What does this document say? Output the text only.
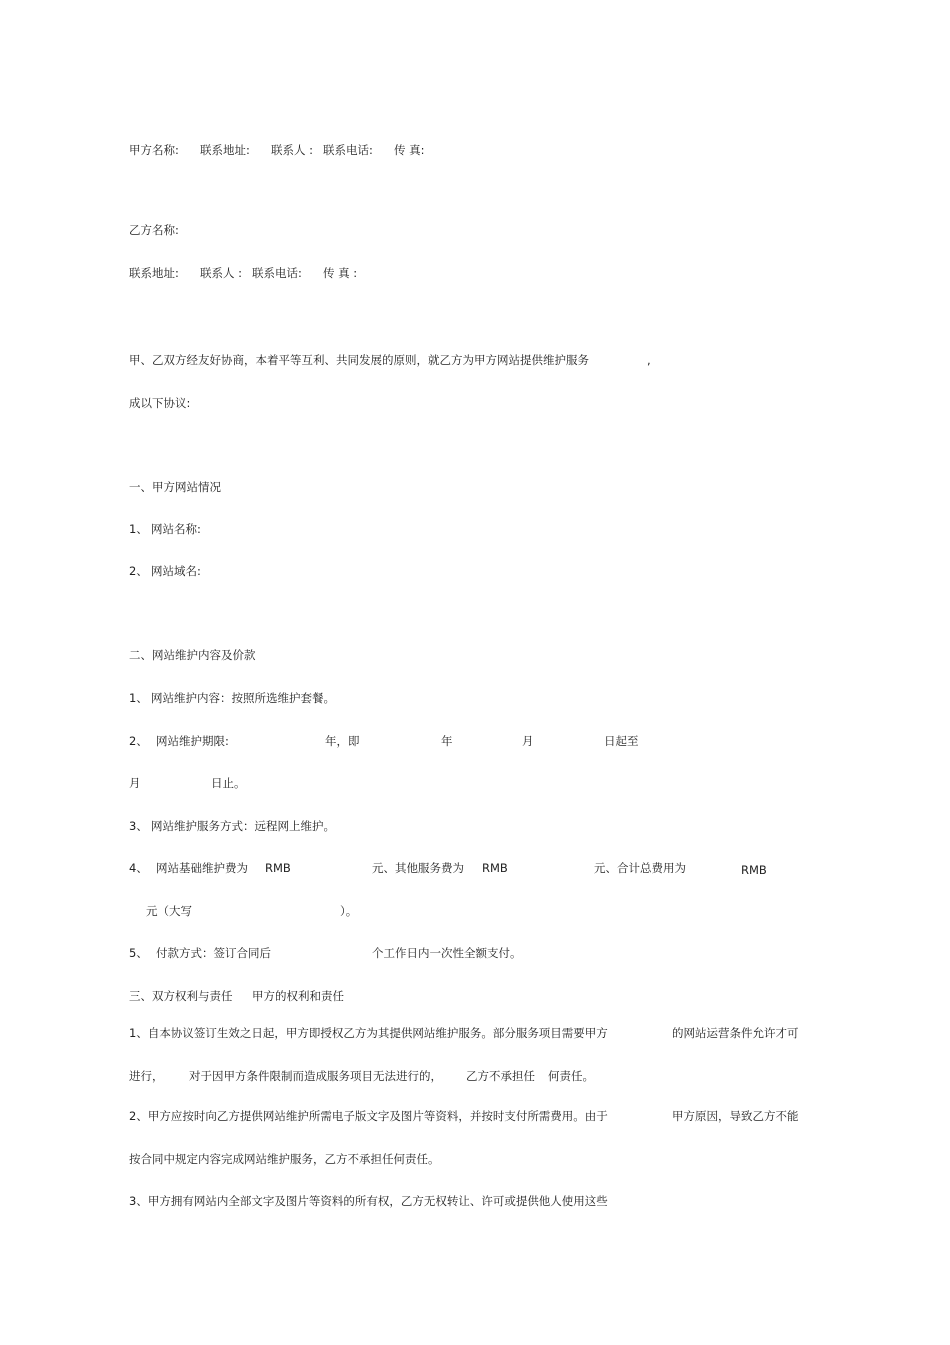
甲方名称: 联系地址: 联系人 : 联系电话: 传 真:
乙方名称:
联系地址: 联系人 : 联系电话: 传 真 :
甲、乙双方经友好协商，本着平等互利、共同发展的原则，就乙方为甲方网站提供维护服务	,
成以下协议:
一、甲方网站情况
1、 网站名称:
2、 网站域名:
二、网站维护内容及价款
1、 网站维护内容：按照所选维护套餐。
2、 网站维护期限:	年，即	年	月	日起至
月	日止。
3、 网站维护服务方式：远程网上维护。
4、 网站基础维护费为 RMB	元、其他服务费为 RMB	元、合计总费用为	RMB
元（大写	）。
5、 付款方式：签订合同后	个工作日内一次性全额支付。
三、双方权利与责任 甲方的权利和责任
1、自本协议签订生效之日起，甲方即授权乙方为其提供网站维护服务。部分服务项目需要甲方	的网站运营条件允许才可
进行， 对于因甲方条件限制而造成服务项目无法进行的， 乙方不承担任 何责任。
2、甲方应按时向乙方提供网站维护所需电子版文字及图片等资料，并按时支付所需费用。由于	甲方原因，导致乙方不能
按合同中规定内容完成网站维护服务，乙方不承担任何责任。
3、甲方拥有网站内全部文字及图片等资料的所有权，乙方无权转让、许可或提供他人使用这些
